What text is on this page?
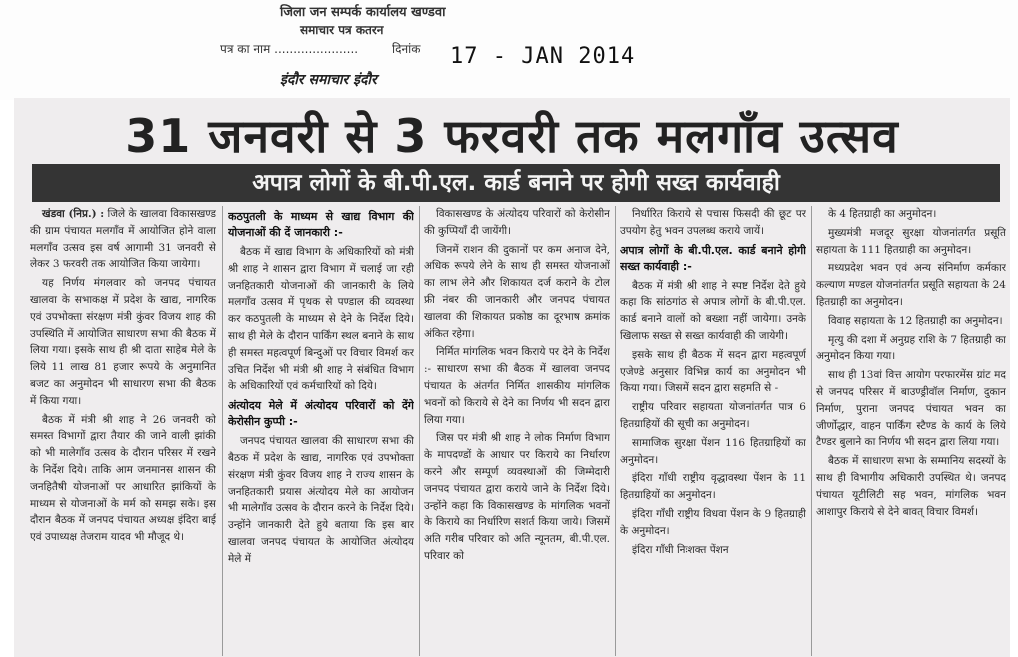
जिला जन सम्पर्क कार्यालय खण्डवा
समाचार पत्र कतरन
पत्र का नाम ......................	दिनांक
इंदौर समाचार इंदौर
17 - JAN 2014
31 जनवरी से 3 फरवरी तक मलगाँव उत्सव
अपात्र लोगों के बी.पी.एल. कार्ड बनाने पर होगी सख्त कार्यवाही

खंडवा (निप्र.) : जिले के खालवा विकासखण्ड की ग्राम पंचायत मलगाँव में आयोजित होने वाला मलगाँव उत्सव इस वर्ष आगामी 31 जनवरी से लेकर 3 फरवरी तक आयोजित किया जायेगा।

यह निर्णय मंगलवार को जनपद पंचायत खालवा के सभाकक्ष में प्रदेश के खाद्य, नागरिक एवं उपभोक्ता संरक्षण मंत्री कुंवर विजय शाह की उपस्थिति में आयोजित साधारण सभा की बैठक में लिया गया। इसके साथ ही श्री दाता साहेब मेले के लिये 11 लाख 81 हजार रूपये के अनुमानित बजट का अनुमोदन भी साधारण सभा की बैठक में किया गया।

बैठक में मंत्री श्री शाह ने 26 जनवरी को समस्त विभागों द्वारा तैयार की जाने वाली झांकी को भी मालेगाँव उत्सव के दौरान परिसर में रखने के निर्देश दिये। ताकि आम जनमानस शासन की जनहितैषी योजनाओं पर आधारित झांकियों के माध्यम से योजनाओं के मर्म को समझ सके। इस दौरान बैठक में जनपद पंचायत अध्यक्ष इंदिरा बाई एवं उपाध्यक्ष तेजराम यादव भी मौजूद थे।

कठपुतली के माध्यम से खाद्य विभाग की योजनाओं की दें जानकारी :-

बैठक में खाद्य विभाग के अधिकारियों को मंत्री श्री शाह ने शासन द्वारा विभाग में चलाई जा रही जनहितकारी योजनाओं की जानकारी के लिये मलगाँव उत्सव में पृथक से पण्डाल की व्यवस्था कर कठपुतली के माध्यम से देने के निर्देश दिये। साथ ही मेले के दौरान पार्किंग स्थल बनाने के साथ ही समस्त महत्वपूर्ण बिन्दुओं पर विचार विमर्श कर उचित निर्देश भी मंत्री श्री शाह ने संबंधित विभाग के अधिकारियों एवं कर्मचारियों को दिये।

अंत्योदय मेले में अंत्योदय परिवारों को देंगे केरोसीन कुप्पी :-

जनपद पंचायत खालवा की साधारण सभा की बैठक में प्रदेश के खाद्य, नागरिक एवं उपभोक्ता संरक्षण मंत्री कुंवर विजय शाह ने राज्य शासन के जनहितकारी प्रयास अंत्योदय मेले का आयोजन भी मालेगाँव उत्सव के दौरान करने के निर्देश दिये। उन्होंने जानकारी देते हुये बताया कि इस बार खालवा जनपद पंचायत के आयोजित अंत्योदय मेले में

विकासखण्ड के अंत्योदय परिवारों को केरोसीन की कुप्पियाँ दी जायेंगी।

जिनमें राशन की दुकानों पर कम अनाज देने, अधिक रूपये लेने के साथ ही समस्त योजनाओं का लाभ लेने और शिकायत दर्ज कराने के टोल फ्री नंबर की जानकारी और जनपद पंचायत खालवा की शिकायत प्रकोष्ठ का दूरभाष क्रमांक अंकित रहेगा।

निर्मित मांगलिक भवन किराये पर देने के निर्देश :- साधारण सभा की बैठक में खालवा जनपद पंचायत के अंतर्गत निर्मित शासकीय मांगलिक भवनों को किराये से देने का निर्णय भी सदन द्वारा लिया गया।

जिस पर मंत्री श्री शाह ने लोक निर्माण विभाग के मापदण्डों के आधार पर किराये का निर्धारण करने और सम्पूर्ण व्यवस्थाओं की जिम्मेदारी जनपद पंचायत द्वारा कराये जाने के निर्देश दिये। उन्होंने कहा कि विकासखण्ड के मांगलिक भवनों के किराये का निर्धारिण सशर्त किया जाये। जिसमें अति गरीब परिवार को अति न्यूनतम, बी.पी.एल. परिवार को

निर्धारित किराये से पचास फिसदी की छूट पर उपयोग हेतु भवन उपलब्ध कराये जायें।

अपात्र लोगों के बी.पी.एल. कार्ड बनाने होगी सख्त कार्यवाही :-

बैठक में मंत्री श्री शाह ने स्पष्ट निर्देश देते हुये कहा कि सांठगांठ से अपात्र लोगों के बी.पी.एल. कार्ड बनाने वालों को बख्शा नहीं जायेगा। उनके खिलाफ सख्त से सख्त कार्यवाही की जायेगी।

इसके साथ ही बैठक में सदन द्वारा महत्वपूर्ण एजेण्डे अनुसार विभिन्न कार्य का अनुमोदन भी किया गया। जिसमें सदन द्वारा सहमति से -

राष्ट्रीय परिवार सहायता योजनांतर्गत पात्र 6 हितग्राहियों की सूची का अनुमोदन।

सामाजिक सुरक्षा पेंशन 116 हितग्राहियों का अनुमोदन।

इंदिरा गाँधी राष्ट्रीय वृद्धावस्था पेंशन के 11 हितग्राहियों का अनुमोदन।

इंदिरा गाँधी राष्ट्रीय विधवा पेंशन के 9 हितग्राही के अनुमोदन।

इंदिरा गाँधी निःशक्त पेंशन

के 4 हितग्राही का अनुमोदन।

मुख्यमंत्री मजदूर सुरक्षा योजनांतर्गत प्रसूति सहायता के 111 हितग्राही का अनुमोदन।

मध्यप्रदेश भवन एवं अन्य संनिर्माण कर्मकार कल्याण मण्डल योजनांतर्गत प्रसूति सहायता के 24 हितग्राही का अनुमोदन।

विवाह सहायता के 12 हितग्राही का अनुमोदन।

मृत्यु की दशा में अनुग्रह राशि के 7 हितग्राही का अनुमोदन किया गया।

साथ ही 13वां वित्त आयोग परफारमेंस ग्रांट मद से जनपद परिसर में बाउण्ड्रीवॉल निर्माण, दुकान निर्माण, पुराना जनपद पंचायत भवन का जीर्णोद्धार, वाहन पार्किंग स्टैण्ड के कार्य के लिये टैण्डर बुलाने का निर्णय भी सदन द्वारा लिया गया।

बैठक में साधारण सभा के सम्मानिय सदस्यों के साथ ही विभागीय अधिकारी उपस्थित थे। जनपद पंचायत यूटीलिटी सह भवन, मांगलिक भवन आशापुर किराये से देने बावत् विचार विमर्श।
